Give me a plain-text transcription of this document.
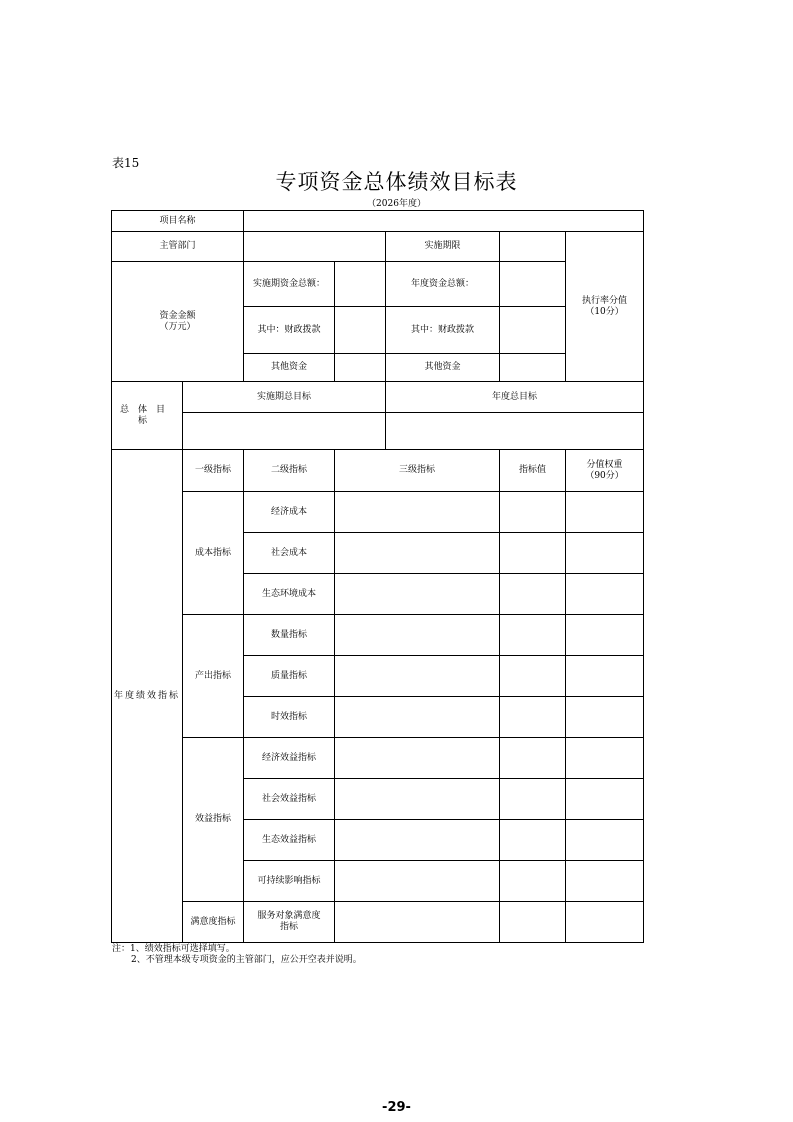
表15
专项资金总体绩效目标表
（2026年度）
项目名称						
主管部门				实施期限		执行率分值
（10分）
资金金额
（万元）		实施期资金总额：		年度资金总额：		
		其中：财政拨款		其中：财政拨款		
		其他资金		其他资金		
总体目标	实施期总目标			年度总目标		

年度绩效指标	一级指标	二级指标	三级指标		指标值	分值权重
（90分）
	成本指标	经济成本				
		社会成本				
		生态环境成本				
	产出指标	数量指标				
		质量指标				
		时效指标				
	效益指标	经济效益指标				
		社会效益指标				
		生态效益指标				
		可持续影响指标				
	满意度指标	服务对象满意度
指标				
注：1、绩效指标可选择填写。
2、不管理本级专项资金的主管部门，应公开空表并说明。
-29-
